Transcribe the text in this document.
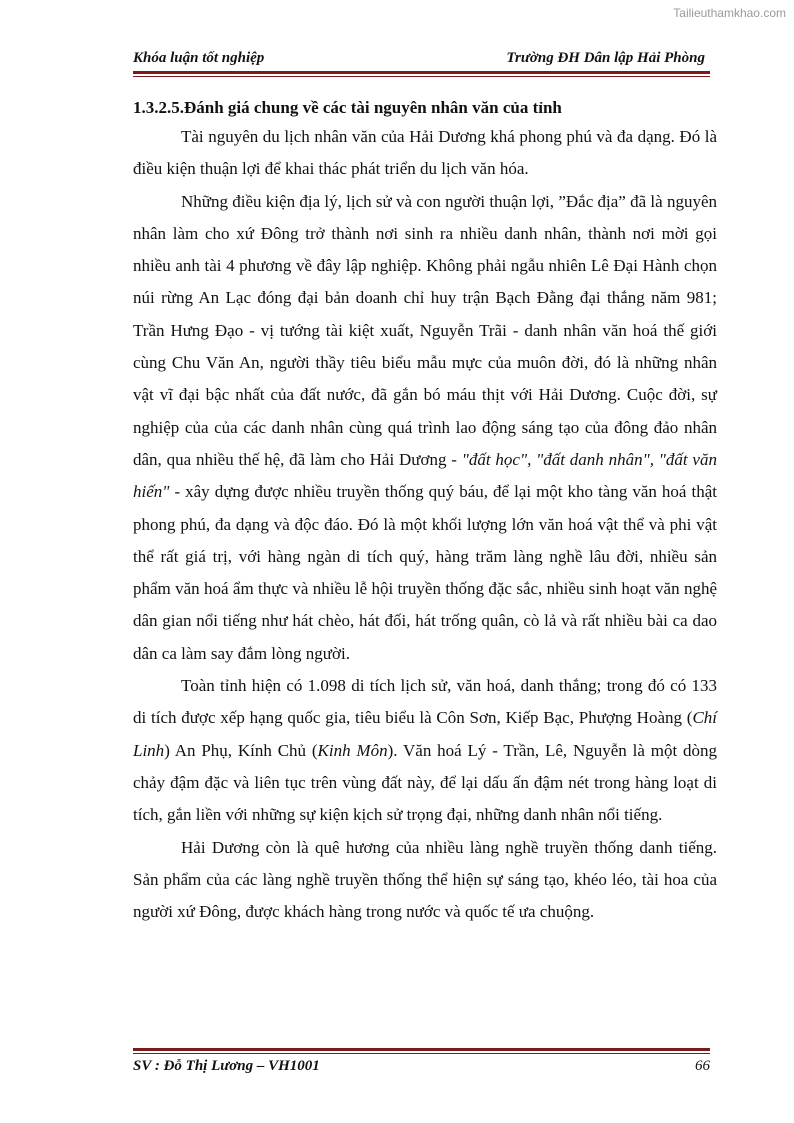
Tailieuthamkhao.com
Khóa luận tốt nghiệp	Trường ĐH Dân lập Hải Phòng
1.3.2.5.Đánh giá chung về các tài nguyên nhân văn của tỉnh

Tài nguyên du lịch nhân văn của Hải Dương khá phong phú và đa dạng. Đó là điều kiện thuận lợi để khai thác phát triển du lịch văn hóa.

Những điều kiện địa lý, lịch sử và con người thuận lợi, ”Đắc địa” đã là nguyên nhân làm cho xứ Đông trở thành nơi sinh ra nhiều danh nhân, thành nơi mời gọi nhiều anh tài 4 phương về đây lập nghiệp. Không phải ngẫu nhiên Lê Đại Hành chọn núi rừng An Lạc đóng đại bản doanh chỉ huy trận Bạch Đằng đại thắng năm 981; Trần Hưng Đạo - vị tướng tài kiệt xuất, Nguyễn Trãi - danh nhân văn hoá thế giới cùng Chu Văn An, người thầy tiêu biểu mẫu mực của muôn đời, đó là những nhân vật vĩ đại bậc nhất của đất nước, đã gắn bó máu thịt với Hải Dương. Cuộc đời, sự nghiệp của của các danh nhân cùng quá trình lao động sáng tạo của đông đảo nhân dân, qua nhiều thế hệ, đã làm cho Hải Dương - "đất học", "đất danh nhân", "đất văn hiến" - xây dựng được nhiều truyền thống quý báu, để lại một kho tàng văn hoá thật phong phú, đa dạng và độc đáo. Đó là một khối lượng lớn văn hoá vật thể và phi vật thể rất giá trị, với hàng ngàn di tích quý, hàng trăm làng nghề lâu đời, nhiều sản phẩm văn hoá ẩm thực và nhiều lễ hội truyền thống đặc sắc, nhiều sinh hoạt văn nghệ dân gian nổi tiếng như hát chèo, hát đối, hát trống quân, cò lả và rất nhiều bài ca dao dân ca làm say đắm lòng người.

Toàn tỉnh hiện có 1.098 di tích lịch sử, văn hoá, danh thắng; trong đó có 133 di tích được xếp hạng quốc gia, tiêu biểu là Côn Sơn, Kiếp Bạc, Phượng Hoàng (Chí Linh) An Phụ, Kính Chủ (Kinh Môn). Văn hoá Lý - Trần, Lê, Nguyễn là một dòng chảy đậm đặc và liên tục trên vùng đất này, để lại dấu ấn đậm nét trong hàng loạt di tích, gắn liền với những sự kiện kịch sử trọng đại, những danh nhân nổi tiếng.

Hải Dương còn là quê hương của nhiều làng nghề truyền thống danh tiếng. Sản phẩm của các làng nghề truyền thống thể hiện sự sáng tạo, khéo léo, tài hoa của người xứ Đông, được khách hàng trong nước và quốc tế ưa chuộng.

SV : Đỗ Thị Lương – VH1001	66
